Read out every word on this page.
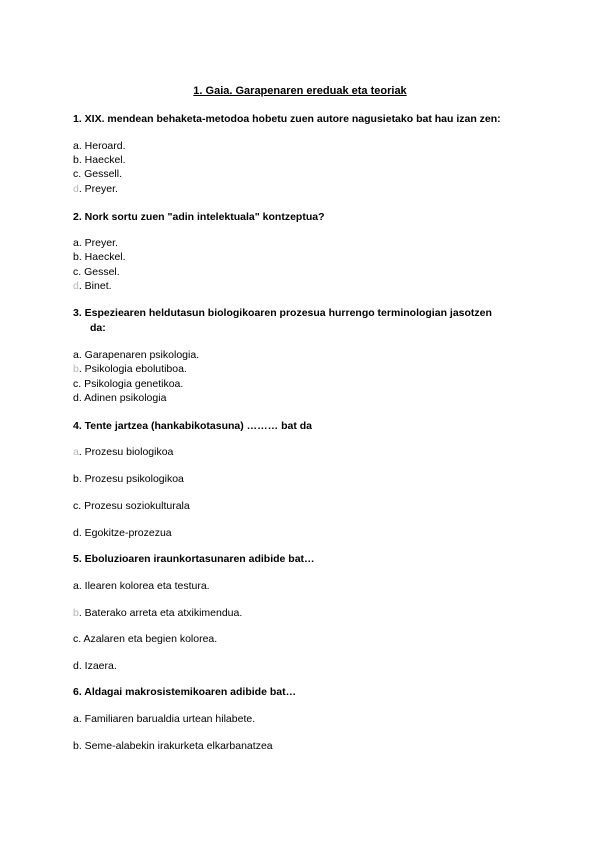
1. Gaia. Garapenaren ereduak eta teoriak
1. XIX. mendean behaketa-metodoa hobetu zuen autore nagusietako bat hau izan zen:
a. Heroard.
b. Haeckel.
c. Gessell.
d. Preyer.
2. Nork sortu zuen "adin intelektuala" kontzeptua?
a. Preyer.
b. Haeckel.
c. Gessel.
d. Binet.
3. Espeziearen heldutasun biologikoaren prozesua hurrengo terminologian jasotzen
da:
a. Garapenaren psikologia.
b. Psikologia ebolutiboa.
c. Psikologia genetikoa.
d. Adinen psikologia
4. Tente jartzea (hankabikotasuna) ……… bat da
a. Prozesu biologikoa
b. Prozesu psikologikoa
c. Prozesu soziokulturala
d. Egokitze-prozezua
5. Eboluzioaren iraunkortasunaren adibide bat…
a. Ilearen kolorea eta testura.
b. Baterako arreta eta atxikimendua.
c. Azalaren eta begien kolorea.
d. Izaera.
6. Aldagai makrosistemikoaren adibide bat…
a. Familiaren barualdia urtean hilabete.
b. Seme-alabekin irakurketa elkarbanatzea
